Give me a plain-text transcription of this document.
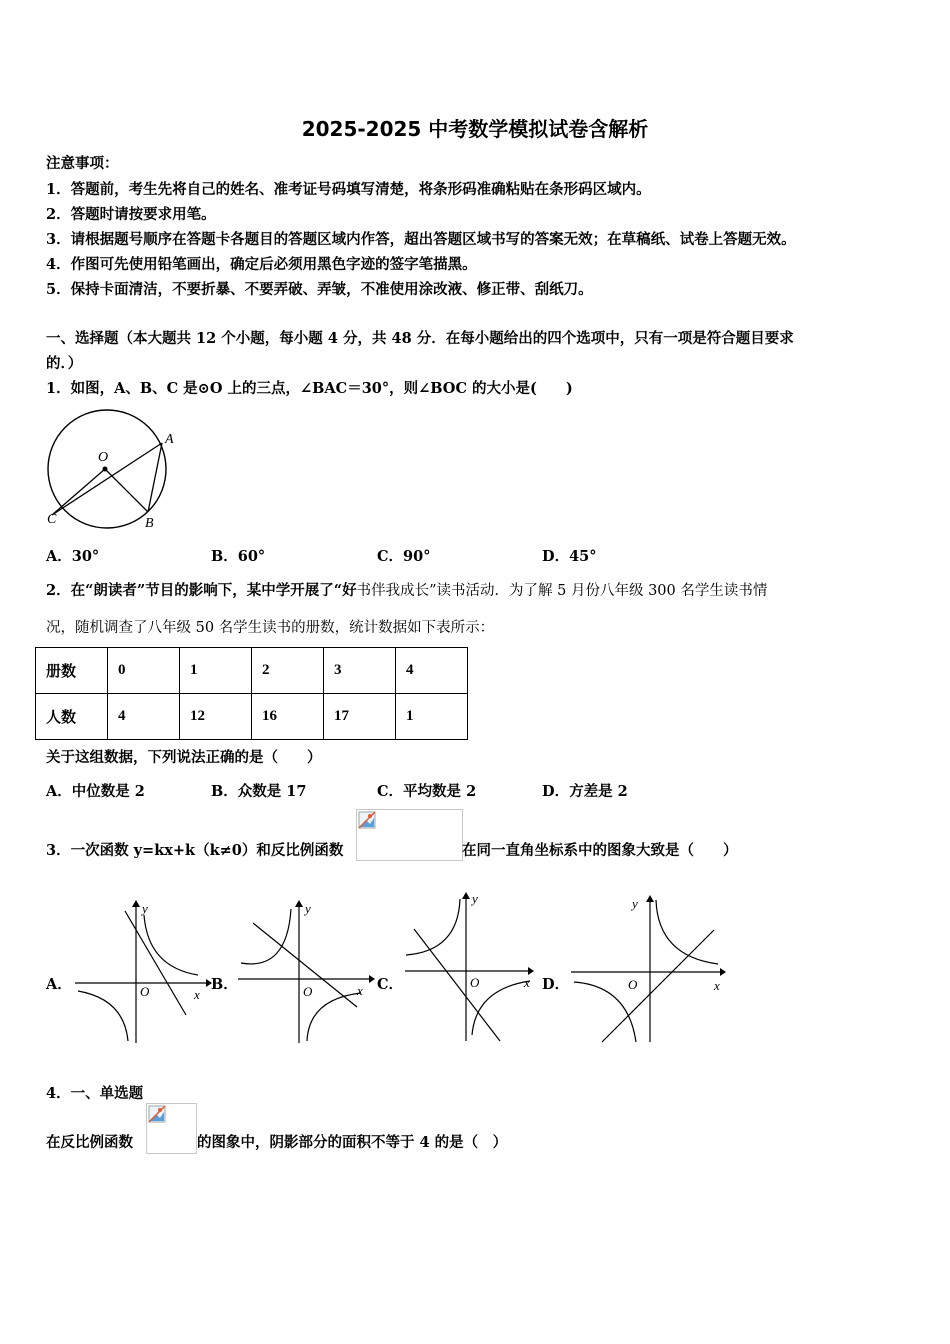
2025-2025 中考数学模拟试卷含解析
注意事项：
1．答题前，考生先将自己的姓名、准考证号码填写清楚，将条形码准确粘贴在条形码区域内。
2．答题时请按要求用笔。
3．请根据题号顺序在答题卡各题目的答题区域内作答，超出答题区域书写的答案无效；在草稿纸、试卷上答题无效。
4．作图可先使用铅笔画出，确定后必须用黑色字迹的签字笔描黑。
5．保持卡面清洁，不要折暴、不要弄破、弄皱，不准使用涂改液、修正带、刮纸刀。
一、选择题（本大题共 12 个小题，每小题 4 分，共 48 分．在每小题给出的四个选项中，只有一项是符合题目要求
的．）
1．如图，A、B、C 是⊙O 上的三点，∠BAC＝30°，则∠BOC 的大小是(　　)
O
A
B
C
A．30°	B．60°	C．90°	D．45°
2．在“朗读者”节目的影响下，某中学开展了“好书伴我成长”读书活动．为了解 5 月份八年级 300 名学生读书情
况，随机调查了八年级 50 名学生读书的册数，统计数据如下表所示：
册数	0	1	2	3	4
人数	4	12	16	17	1
关于这组数据，下列说法正确的是（　　）
A．中位数是 2	B．众数是 17	C．平均数是 2	D．方差是 2
3．一次函数 y=kx+k（k≠0）和反比例函数	在同一直角坐标系中的图象大致是（　　）
A．
y
x
O	B．
y
x
O	C．
y
x
O	D．
y
x
O
4．一、单选题
在反比例函数	的图象中，阴影部分的面积不等于 4 的是（　）
